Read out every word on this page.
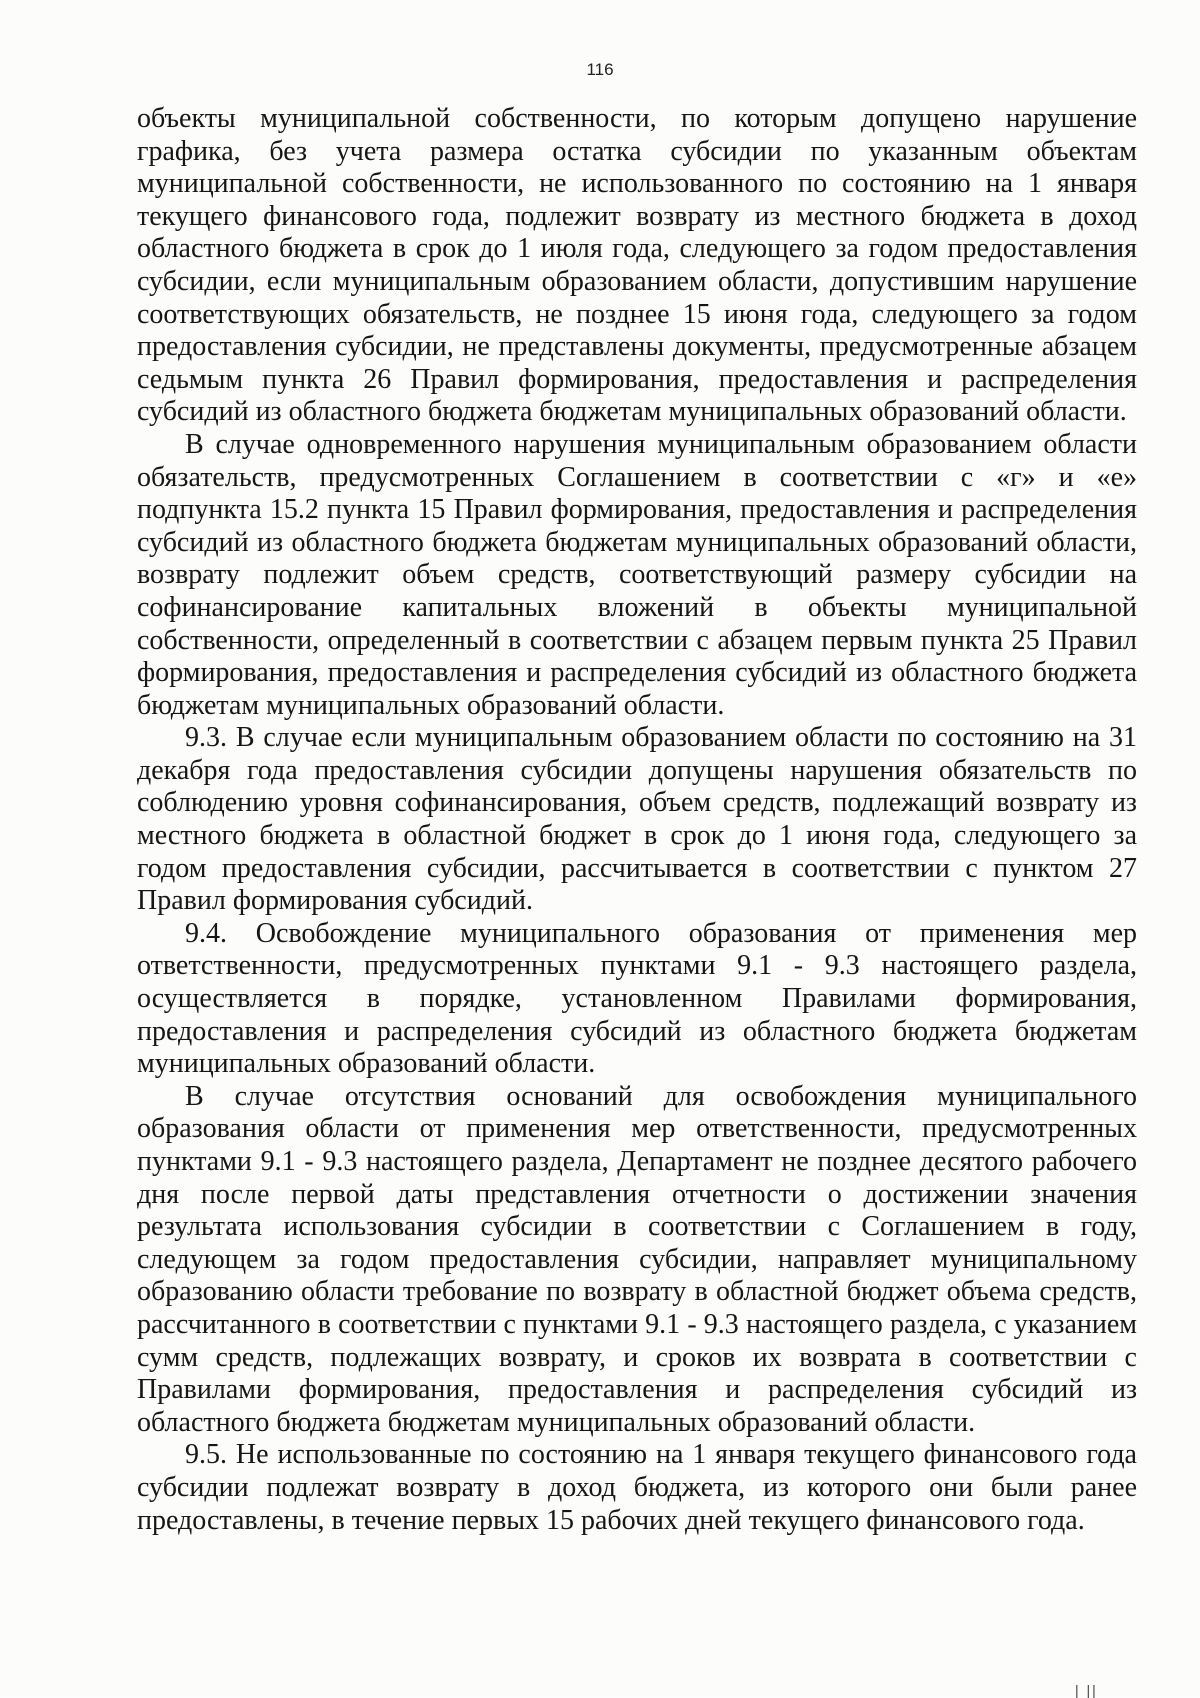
116

объекты муниципальной собственности, по которым допущено нарушение графика, без учета размера остатка субсидии по указанным объектам муниципальной собственности, не использованного по состоянию на 1 января текущего финансового года, подлежит возврату из местного бюджета в доход областного бюджета в срок до 1 июля года, следующего за годом предоставления субсидии, если муниципальным образованием области, допустившим нарушение соответствующих обязательств, не позднее 15 июня года, следующего за годом предоставления субсидии, не представлены документы, предусмотренные абзацем седьмым пункта 26 Правил формирования, предоставления и распределения субсидий из областного бюджета бюджетам муниципальных образований области.

В случае одновременного нарушения муниципальным образованием области обязательств, предусмотренных Соглашением в соответствии с «г» и «е» подпункта 15.2 пункта 15 Правил формирования, предоставления и распределения субсидий из областного бюджета бюджетам муниципальных образований области, возврату подлежит объем средств, соответствующий размеру субсидии на софинансирование капитальных вложений в объекты муниципальной собственности, определенный в соответствии с абзацем первым пункта 25 Правил формирования, предоставления и распределения субсидий из областного бюджета бюджетам муниципальных образований области.

9.3. В случае если муниципальным образованием области по состоянию на 31 декабря года предоставления субсидии допущены нарушения обязательств по соблюдению уровня софинансирования, объем средств, подлежащий возврату из местного бюджета в областной бюджет в срок до 1 июня года, следующего за годом предоставления субсидии, рассчитывается в соответствии с пунктом 27 Правил формирования субсидий.

9.4. Освобождение муниципального образования от применения мер ответственности, предусмотренных пунктами 9.1 - 9.3 настоящего раздела, осуществляется в порядке, установленном Правилами формирования, предоставления и распределения субсидий из областного бюджета бюджетам муниципальных образований области.

В случае отсутствия оснований для освобождения муниципального образования области от применения мер ответственности, предусмотренных пунктами 9.1 - 9.3 настоящего раздела, Департамент не позднее десятого рабочего дня после первой даты представления отчетности о достижении значения результата использования субсидии в соответствии с Соглашением в году, следующем за годом предоставления субсидии, направляет муниципальному образованию области требование по возврату в областной бюджет объема средств, рассчитанного в соответствии с пунктами 9.1 - 9.3 настоящего раздела, с указанием сумм средств, подлежащих возврату, и сроков их возврата в соответствии с Правилами формирования, предоставления и распределения субсидий из областного бюджета бюджетам муниципальных образований области.

9.5. Не использованные по состоянию на 1 января текущего финансового года субсидии подлежат возврату в доход бюджета, из которого они были ранее предоставлены, в течение первых 15 рабочих дней текущего финансового года.

| ||
